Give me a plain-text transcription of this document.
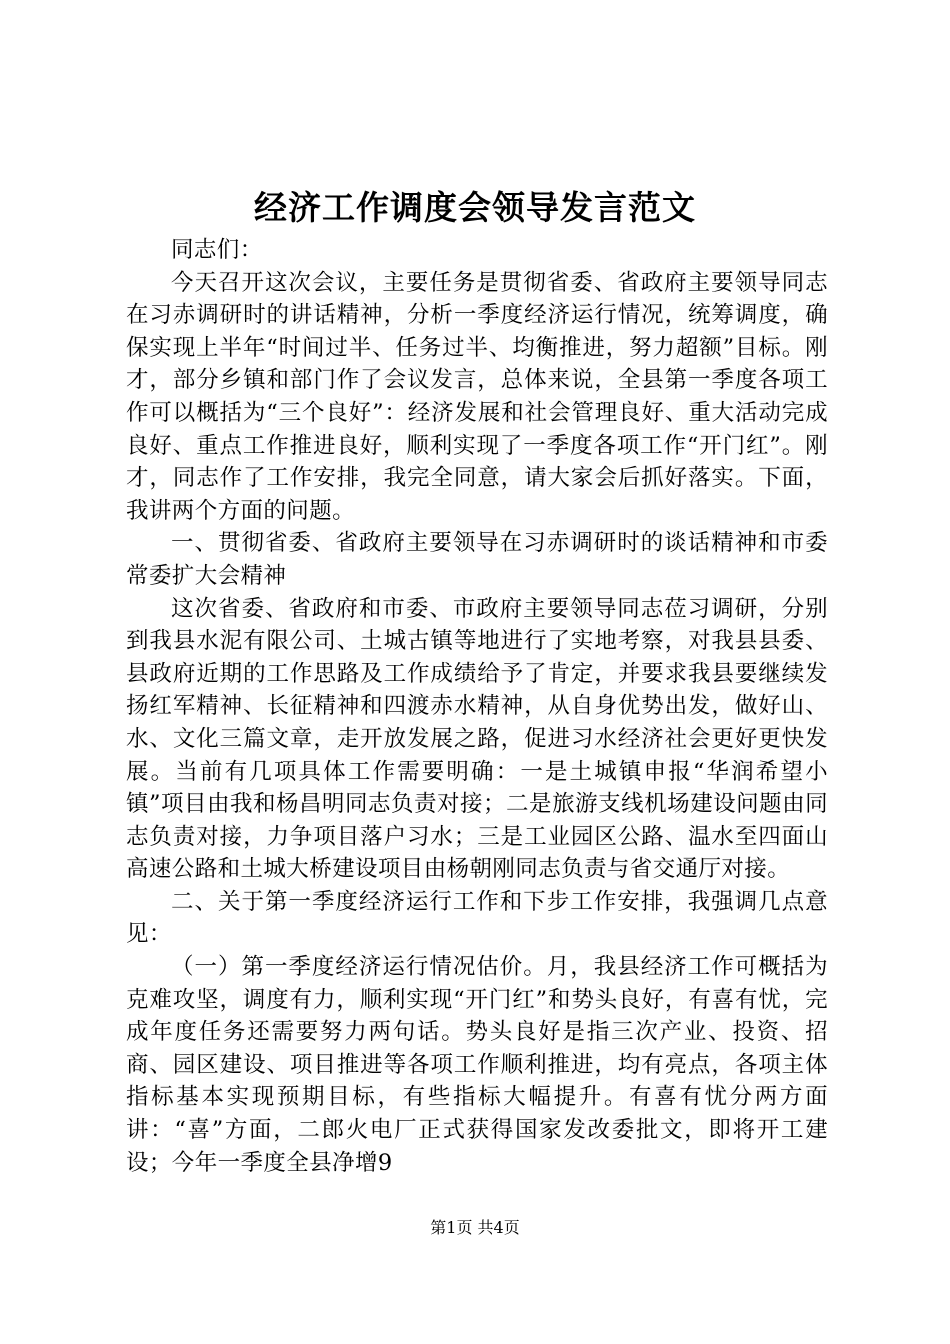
经济工作调度会领导发言范文

同志们：

今天召开这次会议，主要任务是贯彻省委、省政府主要领导同志在习赤调研时的讲话精神，分析一季度经济运行情况，统筹调度，确保实现上半年“时间过半、任务过半、均衡推进，努力超额”目标。刚才，部分乡镇和部门作了会议发言，总体来说，全县第一季度各项工作可以概括为“三个良好”：经济发展和社会管理良好、重大活动完成良好、重点工作推进良好，顺利实现了一季度各项工作“开门红”。刚才，同志作了工作安排，我完全同意，请大家会后抓好落实。下面，我讲两个方面的问题。

一、贯彻省委、省政府主要领导在习赤调研时的谈话精神和市委常委扩大会精神

这次省委、省政府和市委、市政府主要领导同志莅习调研，分别到我县水泥有限公司、土城古镇等地进行了实地考察，对我县县委、县政府近期的工作思路及工作成绩给予了肯定，并要求我县要继续发扬红军精神、长征精神和四渡赤水精神，从自身优势出发，做好山、水、文化三篇文章，走开放发展之路，促进习水经济社会更好更快发展。当前有几项具体工作需要明确：一是土城镇申报“华润希望小镇”项目由我和杨昌明同志负责对接；二是旅游支线机场建设问题由同志负责对接，力争项目落户习水；三是工业园区公路、温水至四面山高速公路和土城大桥建设项目由杨朝刚同志负责与省交通厅对接。

二、关于第一季度经济运行工作和下步工作安排，我强调几点意见：

（一）第一季度经济运行情况估价。月，我县经济工作可概括为克难攻坚，调度有力，顺利实现“开门红”和势头良好，有喜有忧，完成年度任务还需要努力两句话。势头良好是指三次产业、投资、招商、园区建设、项目推进等各项工作顺利推进，均有亮点，各项主体指标基本实现预期目标，有些指标大幅提升。有喜有忧分两方面讲：“喜”方面，二郎火电厂正式获得国家发改委批文，即将开工建设；今年一季度全县净增9

第1页 共4页
